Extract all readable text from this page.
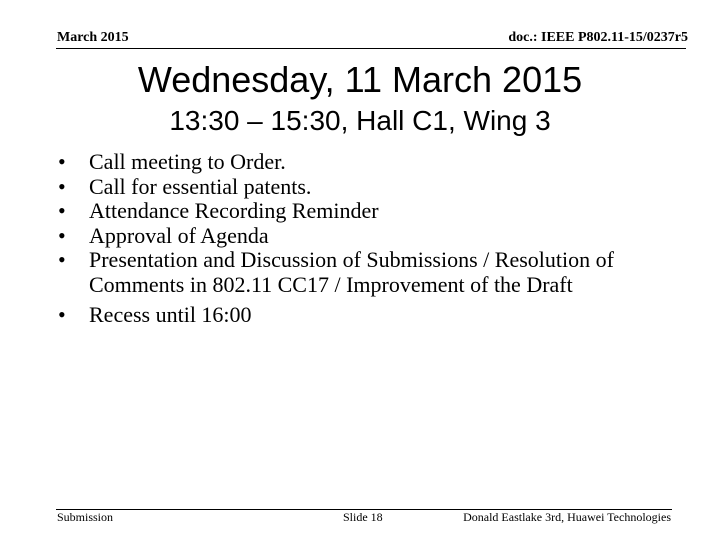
March 2015	doc.: IEEE P802.11-15/0237r5
Wednesday, 11 March 2015
13:30 – 15:30, Hall C1, Wing 3
• Call meeting to Order.
• Call for essential patents.
• Attendance Recording Reminder
• Approval of Agenda
• Presentation and Discussion of Submissions / Resolution of Comments in 802.11 CC17 / Improvement of the Draft
• Recess until 16:00
Submission	Slide 18	Donald Eastlake 3rd, Huawei Technologies
